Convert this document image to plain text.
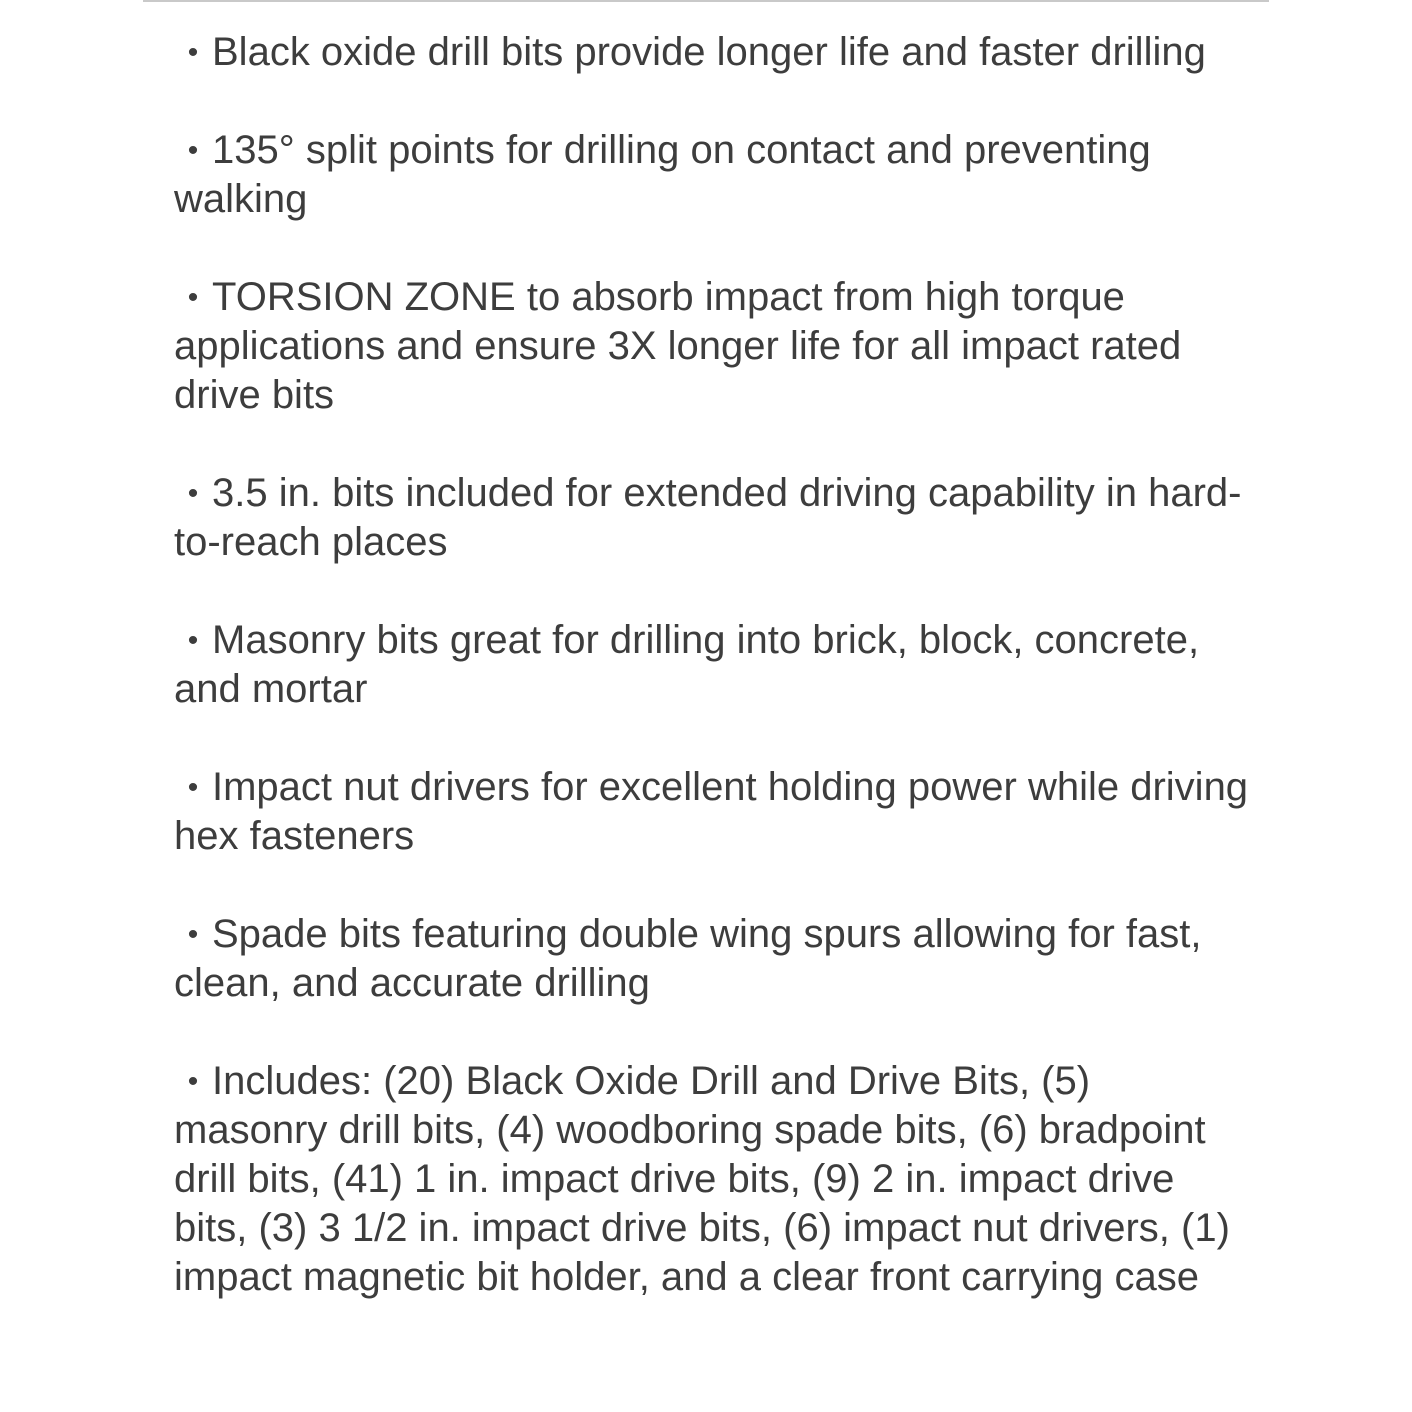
• Black oxide drill bits provide longer life and faster drilling
• 135° split points for drilling on contact and preventing walking
• TORSION ZONE to absorb impact from high torque applications and ensure 3X longer life for all impact rated drive bits
• 3.5 in. bits included for extended driving capability in hard-to-reach places
• Masonry bits great for drilling into brick, block, concrete, and mortar
• Impact nut drivers for excellent holding power while driving hex fasteners
• Spade bits featuring double wing spurs allowing for fast, clean, and accurate drilling
• Includes: (20) Black Oxide Drill and Drive Bits, (5) masonry drill bits, (4) woodboring spade bits, (6) bradpoint drill bits, (41) 1 in. impact drive bits, (9) 2 in. impact drive bits, (3) 3 1/2 in. impact drive bits, (6) impact nut drivers, (1) impact magnetic bit holder, and a clear front carrying case
